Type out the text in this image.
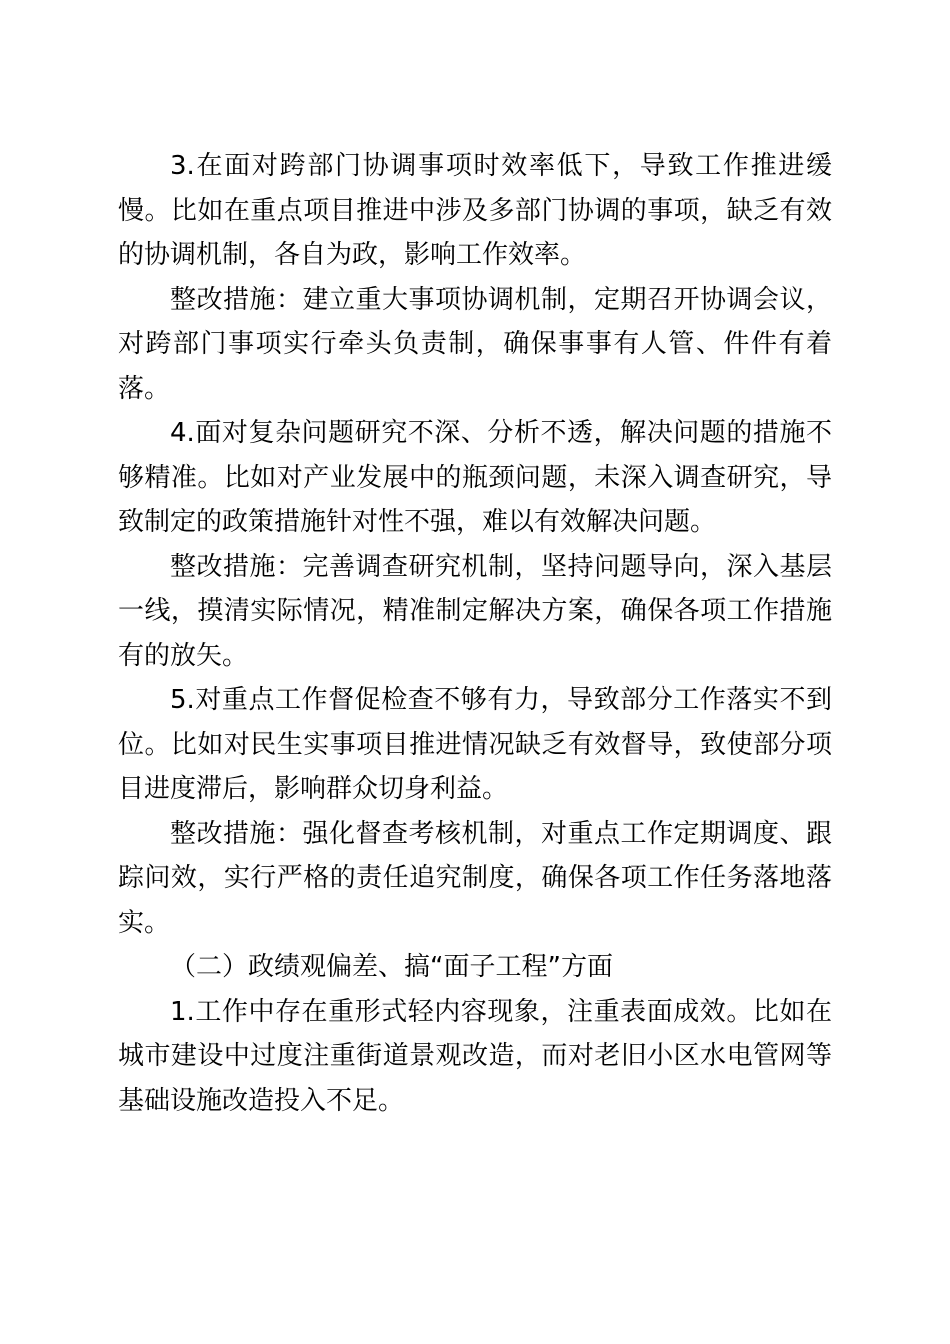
3.在面对跨部门协调事项时效率低下，导致工作推进缓慢。比如在重点项目推进中涉及多部门协调的事项，缺乏有效的协调机制，各自为政，影响工作效率。

整改措施：建立重大事项协调机制，定期召开协调会议，对跨部门事项实行牵头负责制，确保事事有人管、件件有着落。

4.面对复杂问题研究不深、分析不透，解决问题的措施不够精准。比如对产业发展中的瓶颈问题，未深入调查研究，导致制定的政策措施针对性不强，难以有效解决问题。

整改措施：完善调查研究机制，坚持问题导向，深入基层一线，摸清实际情况，精准制定解决方案，确保各项工作措施有的放矢。

5.对重点工作督促检查不够有力，导致部分工作落实不到位。比如对民生实事项目推进情况缺乏有效督导，致使部分项目进度滞后，影响群众切身利益。

整改措施：强化督查考核机制，对重点工作定期调度、跟踪问效，实行严格的责任追究制度，确保各项工作任务落地落实。

（二）政绩观偏差、搞“面子工程”方面

1.工作中存在重形式轻内容现象，注重表面成效。比如在城市建设中过度注重街道景观改造，而对老旧小区水电管网等基础设施改造投入不足。
